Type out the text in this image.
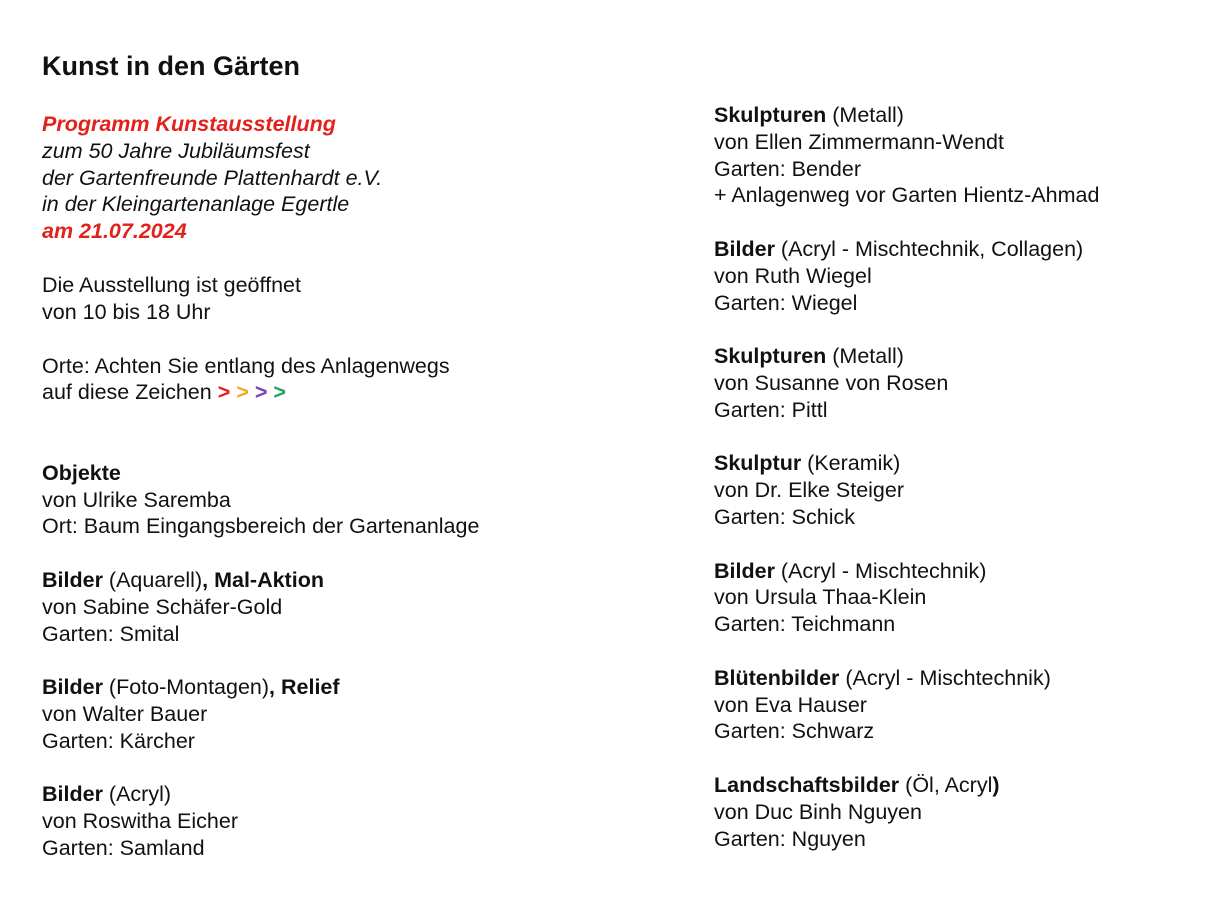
Kunst in den Gärten
Programm Kunstausstellung
zum 50 Jahre Jubiläumsfest
der Gartenfreunde Plattenhardt e.V.
in der Kleingartenanlage Egertle
am 21.07.2024
Die Ausstellung ist geöffnet
von 10 bis 18 Uhr
Orte: Achten Sie entlang des Anlagenwegs
auf diese Zeichen > > > >
Objekte
von Ulrike Saremba
Ort: Baum Eingangsbereich der Gartenanlage
Bilder (Aquarell), Mal-Aktion
von Sabine Schäfer-Gold
Garten: Smital
Bilder (Foto-Montagen), Relief
von Walter Bauer
Garten: Kärcher
Bilder (Acryl)
von Roswitha Eicher
Garten: Samland
Skulpturen (Metall)
von Ellen Zimmermann-Wendt
Garten: Bender
+ Anlagenweg vor Garten Hientz-Ahmad
Bilder (Acryl - Mischtechnik, Collagen)
von Ruth Wiegel
Garten: Wiegel
Skulpturen (Metall)
von Susanne von Rosen
Garten: Pittl
Skulptur (Keramik)
von Dr. Elke Steiger
Garten: Schick
Bilder (Acryl - Mischtechnik)
von Ursula Thaa-Klein
Garten: Teichmann
Blütenbilder (Acryl - Mischtechnik)
von Eva Hauser
Garten: Schwarz
Landschaftsbilder (Öl, Acryl)
von Duc Binh Nguyen
Garten: Nguyen
